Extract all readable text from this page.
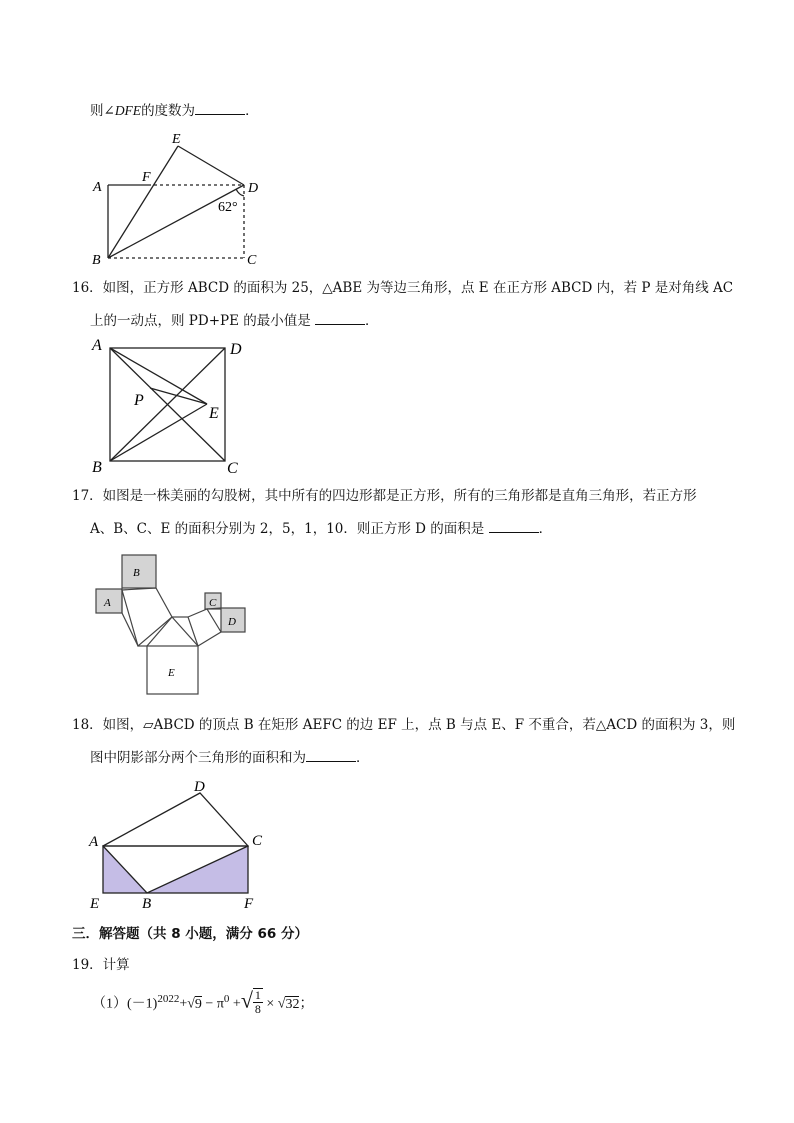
则∠DFE的度数为	．
A
B	C
D
E
F
62°
16．如图，正方形 ABCD 的面积为 25，△ABE 为等边三角形，点 E 在正方形 ABCD 内，若 P 是对角线 AC
上的一动点，则 PD+PE 的最小值是	．
A
B	C
D
E
P
17．如图是一株美丽的勾股树，其中所有的四边形都是正方形，所有的三角形都是直角三角形，若正方形
A、B、C、E 的面积分别为 2，5，1，10．则正方形 D 的面积是	．
A
B
C
D
E
18．如图，▱ABCD 的顶点 B 在矩形 AEFC 的边 EF 上，点 B 与点 E、F 不重合，若△ACD 的面积为 3，则
图中阴影部分两个三角形的面积和为	．
A
B
C
D
E	F
三．解答题（共 8 小题，满分 66 分）
19．计算
$(1)(-1)^{2022}+√9 - \pi^0$ +√ $\frac{1}{8} \times √32$；
